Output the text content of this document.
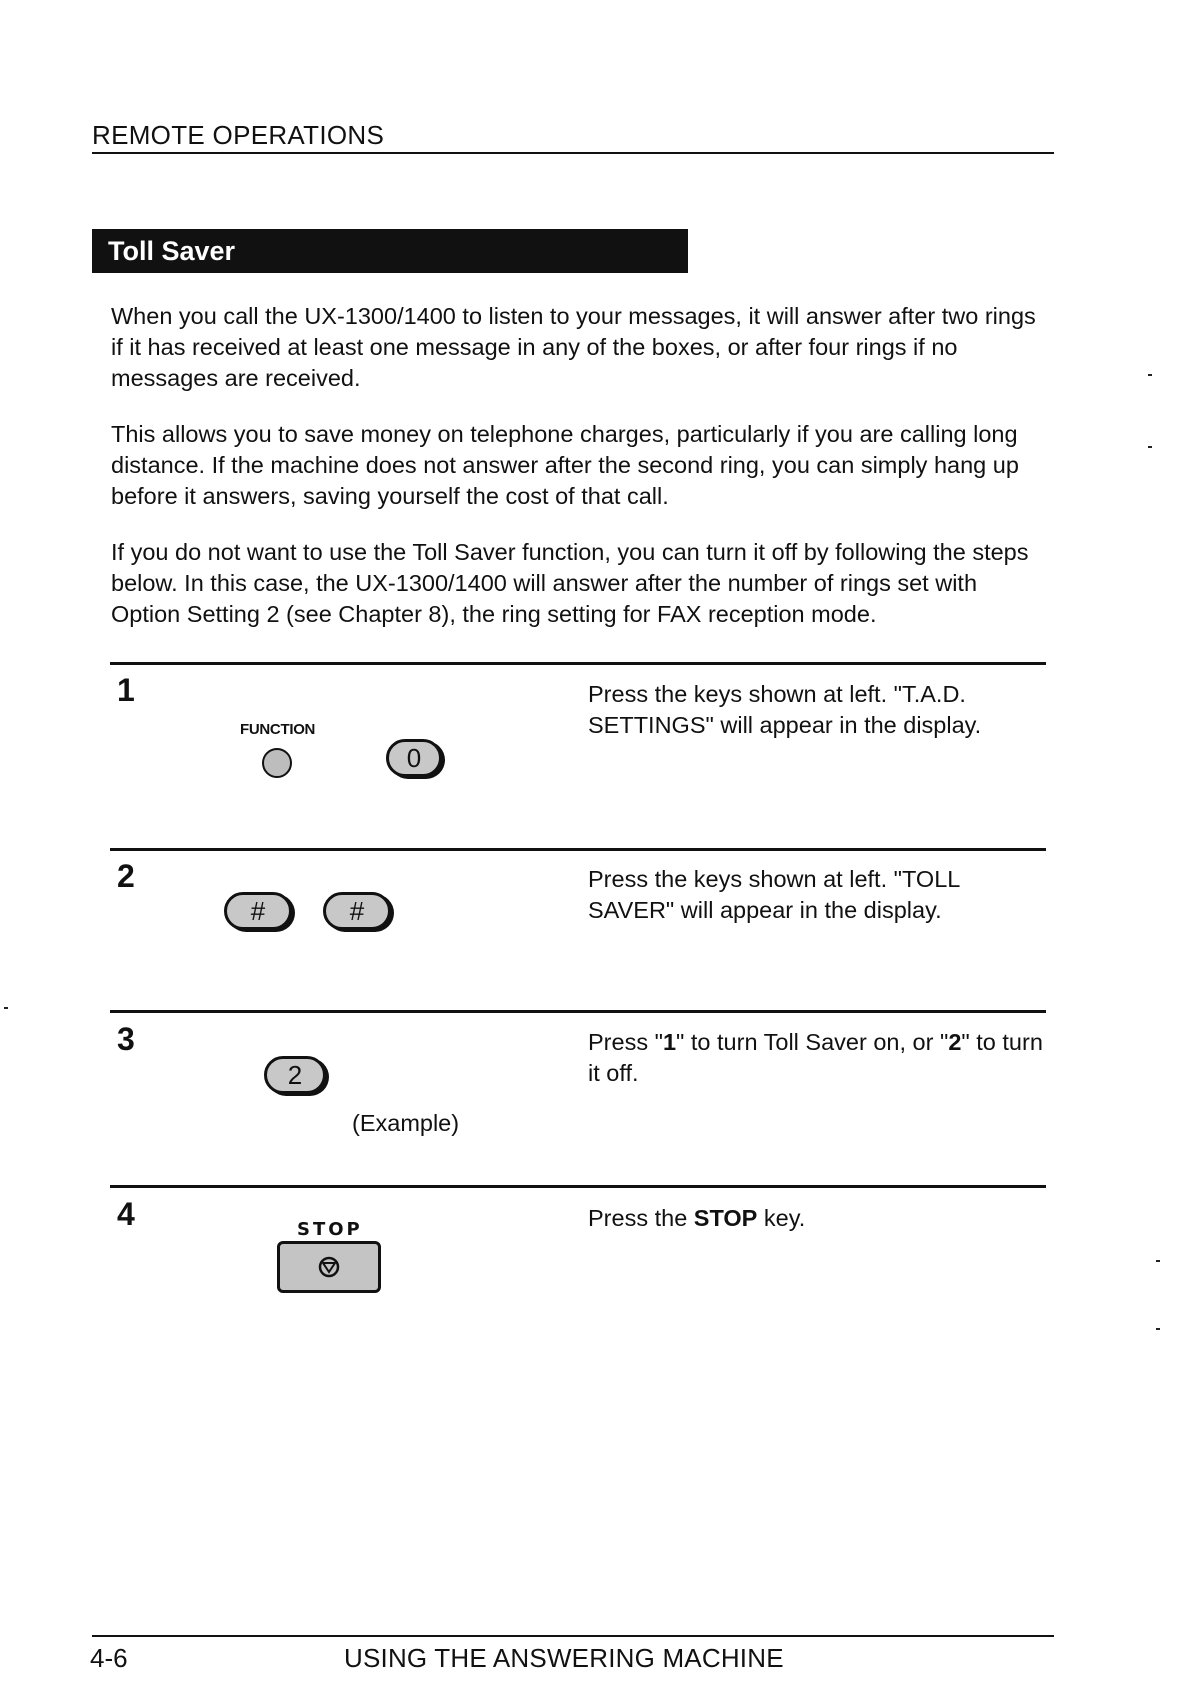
REMOTE OPERATIONS
Toll Saver

When you call the UX-1300/1400 to listen to your messages, it will answer after two rings if it has received at least one message in any of the boxes, or after four rings if no messages are received.

This allows you to save money on telephone charges, particularly if you are calling long distance. If the machine does not answer after the second ring, you can simply hang up before it answers, saving yourself the cost of that call.

If you do not want to use the Toll Saver function, you can turn it off by following the steps below. In this case, the UX-1300/1400 will answer after the number of rings set with Option Setting 2 (see Chapter 8), the ring setting for FAX reception mode.

1
FUNCTION
0

Press the keys shown at left. "T.A.D. SETTINGS" will appear in the display.

2
#	#

Press the keys shown at left. "TOLL SAVER" will appear in the display.

3
2
(Example)

Press "1" to turn Toll Saver on, or "2" to turn it off.

4	STOP	Press the STOP key.

4-6	USING THE ANSWERING MACHINE
